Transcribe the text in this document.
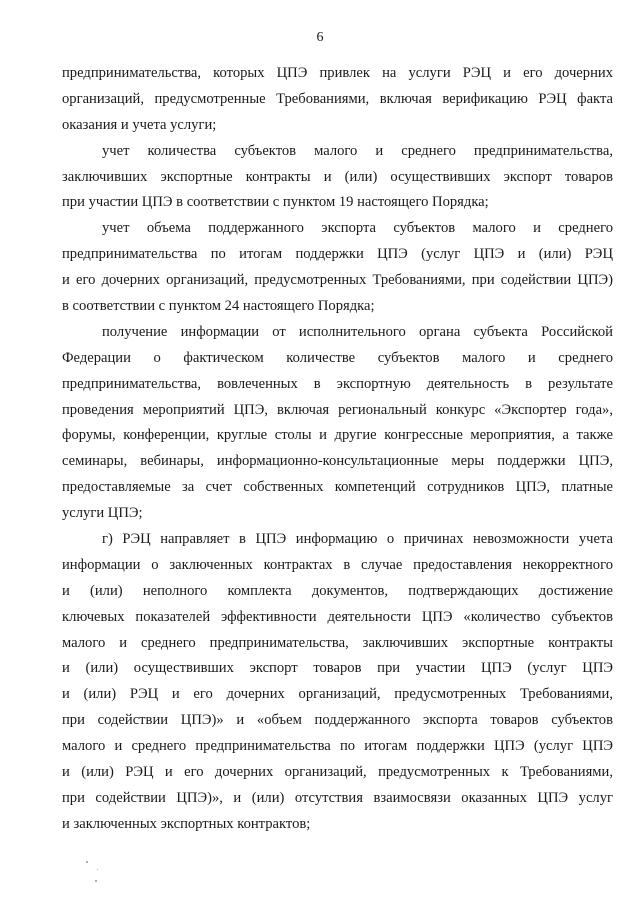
6
предпринимательства, которых ЦПЭ привлек на услуги РЭЦ и его дочерних
организаций, предусмотренные Требованиями, включая верификацию РЭЦ факта
оказания и учета услуги;
учет количества субъектов малого и среднего предпринимательства,
заключивших экспортные контракты и (или) осуществивших экспорт товаров
при участии ЦПЭ в соответствии с пунктом 19 настоящего Порядка;
учет объема поддержанного экспорта субъектов малого и среднего
предпринимательства по итогам поддержки ЦПЭ (услуг ЦПЭ и (или) РЭЦ
и его дочерних организаций, предусмотренных Требованиями, при содействии ЦПЭ)
в соответствии с пунктом 24 настоящего Порядка;
получение информации от исполнительного органа субъекта Российской
Федерации о фактическом количестве субъектов малого и среднего
предпринимательства, вовлеченных в экспортную деятельность в результате
проведения мероприятий ЦПЭ, включая региональный конкурс «Экспортер года»,
форумы, конференции, круглые столы и другие конгрессные мероприятия, а также
семинары, вебинары, информационно-консультационные меры поддержки ЦПЭ,
предоставляемые за счет собственных компетенций сотрудников ЦПЭ, платные
услуги ЦПЭ;
г) РЭЦ направляет в ЦПЭ информацию о причинах невозможности учета
информации о заключенных контрактах в случае предоставления некорректного
и (или) неполного комплекта документов, подтверждающих достижение
ключевых показателей эффективности деятельности ЦПЭ «количество субъектов
малого и среднего предпринимательства, заключивших экспортные контракты
и (или) осуществивших экспорт товаров при участии ЦПЭ (услуг ЦПЭ
и (или) РЭЦ и его дочерних организаций, предусмотренных Требованиями,
при содействии ЦПЭ)» и «объем поддержанного экспорта товаров субъектов
малого и среднего предпринимательства по итогам поддержки ЦПЭ (услуг ЦПЭ
и (или) РЭЦ и его дочерних организаций, предусмотренных к Требованиями,
при содействии ЦПЭ)», и (или) отсутствия взаимосвязи оказанных ЦПЭ услуг
и заключенных экспортных контрактов;
